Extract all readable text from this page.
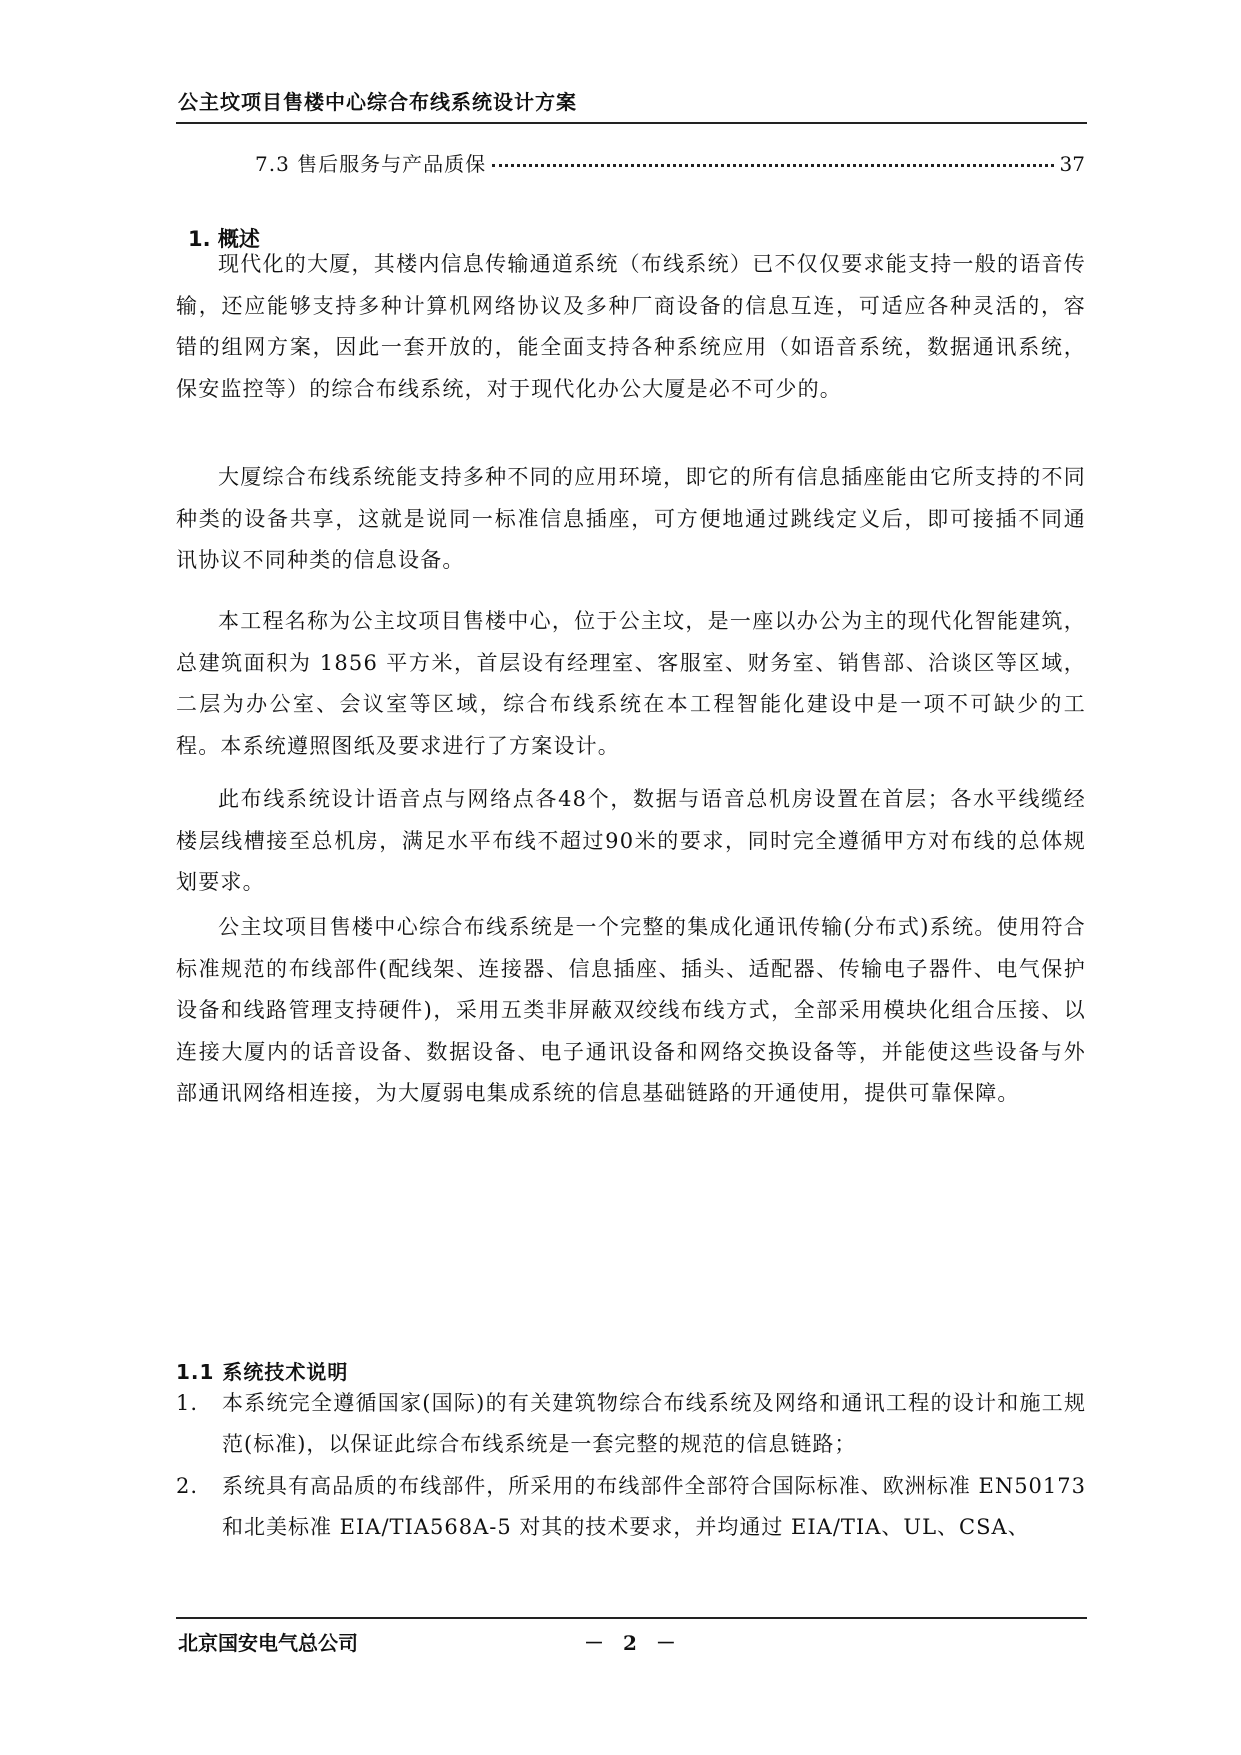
公主坟项目售楼中心综合布线系统设计方案
7.3 售后服务与产品质保	37
1. 概述

现代化的大厦，其楼内信息传输通道系统（布线系统）已不仅仅要求能支持一般的语音传输，还应能够支持多种计算机网络协议及多种厂商设备的信息互连，可适应各种灵活的，容错的组网方案，因此一套开放的，能全面支持各种系统应用（如语音系统，数据通讯系统，保安监控等）的综合布线系统，对于现代化办公大厦是必不可少的。

大厦综合布线系统能支持多种不同的应用环境，即它的所有信息插座能由它所支持的不同种类的设备共享，这就是说同一标准信息插座，可方便地通过跳线定义后，即可接插不同通讯协议不同种类的信息设备。

本工程名称为公主坟项目售楼中心，位于公主坟，是一座以办公为主的现代化智能建筑，总建筑面积为 1856 平方米，首层设有经理室、客服室、财务室、销售部、洽谈区等区域，二层为办公室、会议室等区域，综合布线系统在本工程智能化建设中是一项不可缺少的工程。本系统遵照图纸及要求进行了方案设计。

此布线系统设计语音点与网络点各48个，数据与语音总机房设置在首层；各水平线缆经楼层线槽接至总机房，满足水平布线不超过90米的要求，同时完全遵循甲方对布线的总体规划要求。

公主坟项目售楼中心综合布线系统是一个完整的集成化通讯传输(分布式)系统。使用符合标准规范的布线部件(配线架、连接器、信息插座、插头、适配器、传输电子器件、电气保护设备和线路管理支持硬件)，采用五类非屏蔽双绞线布线方式，全部采用模块化组合压接、以连接大厦内的话音设备、数据设备、电子通讯设备和网络交换设备等，并能使这些设备与外部通讯网络相连接，为大厦弱电集成系统的信息基础链路的开通使用，提供可靠保障。

1.1 系统技术说明
1. 本系统完全遵循国家(国际)的有关建筑物综合布线系统及网络和通讯工程的设计和施工规范(标准)，以保证此综合布线系统是一套完整的规范的信息链路；
2. 系统具有高品质的布线部件，所采用的布线部件全部符合国际标准、欧洲标准 EN50173 和北美标准 EIA/TIA568A-5 对其的技术要求，并均通过 EIA/TIA、UL、CSA、
北京国安电气总公司	－ 2 －
